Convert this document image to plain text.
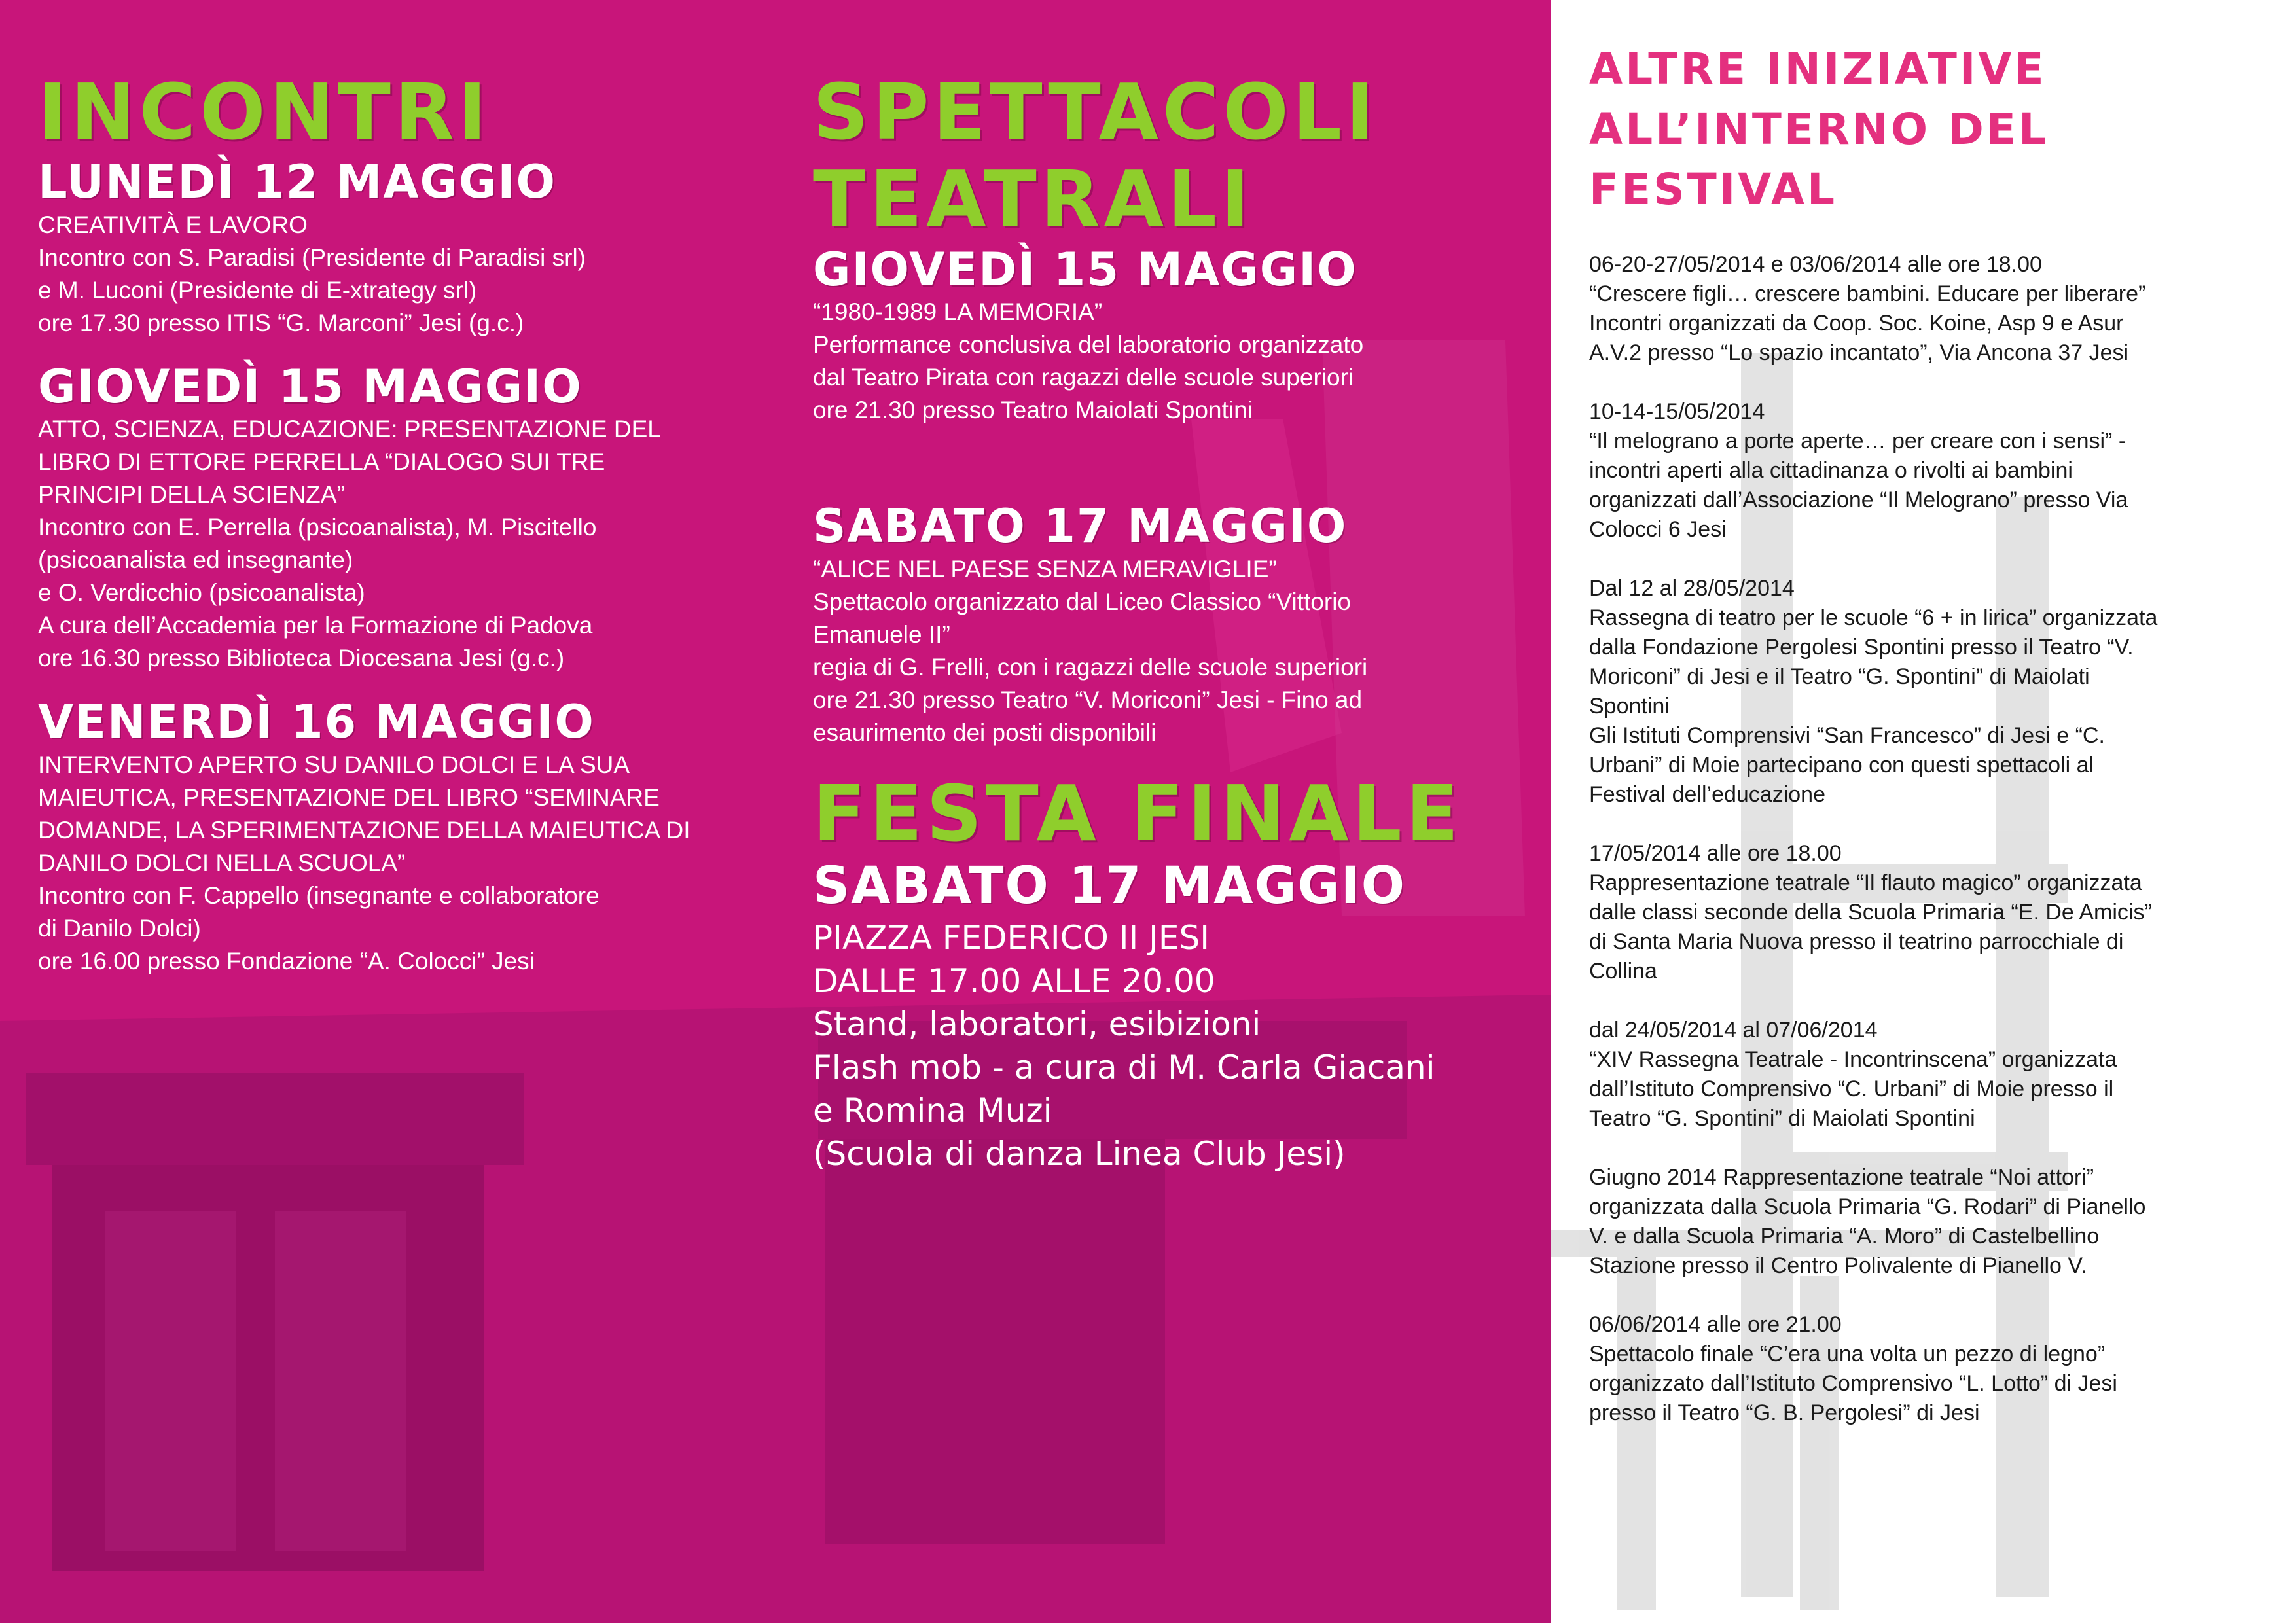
INCONTRI
LUNEDÌ 12 MAGGIO
CREATIVITÀ E LAVORO
Incontro con S. Paradisi (Presidente di Paradisi srl)
e M. Luconi (Presidente di E-xtrategy srl)
ore 17.30 presso ITIS “G. Marconi” Jesi (g.c.)
GIOVEDÌ 15 MAGGIO
ATTO, SCIENZA, EDUCAZIONE: PRESENTAZIONE DEL
LIBRO DI ETTORE PERRELLA “DIALOGO SUI TRE
PRINCIPI DELLA SCIENZA”
Incontro con E. Perrella (psicoanalista), M. Piscitello
(psicoanalista ed insegnante)
e O. Verdicchio (psicoanalista)
A cura dell’Accademia per la Formazione di Padova
ore 16.30 presso Biblioteca Diocesana Jesi (g.c.)
VENERDÌ 16 MAGGIO
INTERVENTO APERTO SU DANILO DOLCI E LA SUA
MAIEUTICA, PRESENTAZIONE DEL LIBRO “SEMINARE
DOMANDE, LA SPERIMENTAZIONE DELLA MAIEUTICA DI
DANILO DOLCI NELLA SCUOLA”
Incontro con F. Cappello (insegnante e collaboratore
di Danilo Dolci)
ore 16.00 presso Fondazione “A. Colocci” Jesi
SPETTACOLI
TEATRALI
GIOVEDÌ 15 MAGGIO
“1980-1989 LA MEMORIA”
Performance conclusiva del laboratorio organizzato
dal Teatro Pirata con ragazzi delle scuole superiori
ore 21.30 presso Teatro Maiolati Spontini
SABATO 17 MAGGIO
“ALICE NEL PAESE SENZA MERAVIGLIE”
Spettacolo organizzato dal Liceo Classico “Vittorio
Emanuele II”
regia di G. Frelli, con i ragazzi delle scuole superiori
ore 21.30 presso Teatro “V. Moriconi” Jesi - Fino ad
esaurimento dei posti disponibili
FESTA FINALE
SABATO 17 MAGGIO
PIAZZA FEDERICO II JESI
DALLE 17.00 ALLE 20.00
Stand, laboratori, esibizioni
Flash mob - a cura di M. Carla Giacani
e Romina Muzi
(Scuola di danza Linea Club Jesi)
ALTRE INIZIATIVE
ALL’INTERNO DEL
FESTIVAL
06-20-27/05/2014 e 03/06/2014 alle ore 18.00
“Crescere figli… crescere bambini. Educare per liberare”
Incontri organizzati da Coop. Soc. Koine, Asp 9 e Asur
A.V.2 presso “Lo spazio incantato”, Via Ancona 37 Jesi
10-14-15/05/2014
“Il melograno a porte aperte… per creare con i sensi” -
incontri aperti alla cittadinanza o rivolti ai bambini
organizzati dall’Associazione “Il Melograno” presso Via
Colocci 6 Jesi
Dal 12 al 28/05/2014
Rassegna di teatro per le scuole “6 + in lirica” organizzata
dalla Fondazione Pergolesi Spontini presso il Teatro “V.
Moriconi” di Jesi e il Teatro “G. Spontini” di Maiolati
Spontini
Gli Istituti Comprensivi “San Francesco” di Jesi e “C.
Urbani” di Moie partecipano con questi spettacoli al
Festival dell’educazione
17/05/2014 alle ore 18.00
Rappresentazione teatrale “Il flauto magico” organizzata
dalle classi seconde della Scuola Primaria “E. De Amicis”
di Santa Maria Nuova presso il teatrino parrocchiale di
Collina
dal 24/05/2014 al 07/06/2014
“XIV Rassegna Teatrale - Incontrinscena” organizzata
dall’Istituto Comprensivo “C. Urbani” di Moie presso il
Teatro “G. Spontini” di Maiolati Spontini
Giugno 2014 Rappresentazione teatrale “Noi attori”
organizzata dalla Scuola Primaria “G. Rodari” di Pianello
V. e dalla Scuola Primaria “A. Moro” di Castelbellino
Stazione presso il Centro Polivalente di Pianello V.
06/06/2014 alle ore 21.00
Spettacolo finale “C’era una volta un pezzo di legno”
organizzato dall’Istituto Comprensivo “L. Lotto” di Jesi
presso il Teatro “G. B. Pergolesi” di Jesi
